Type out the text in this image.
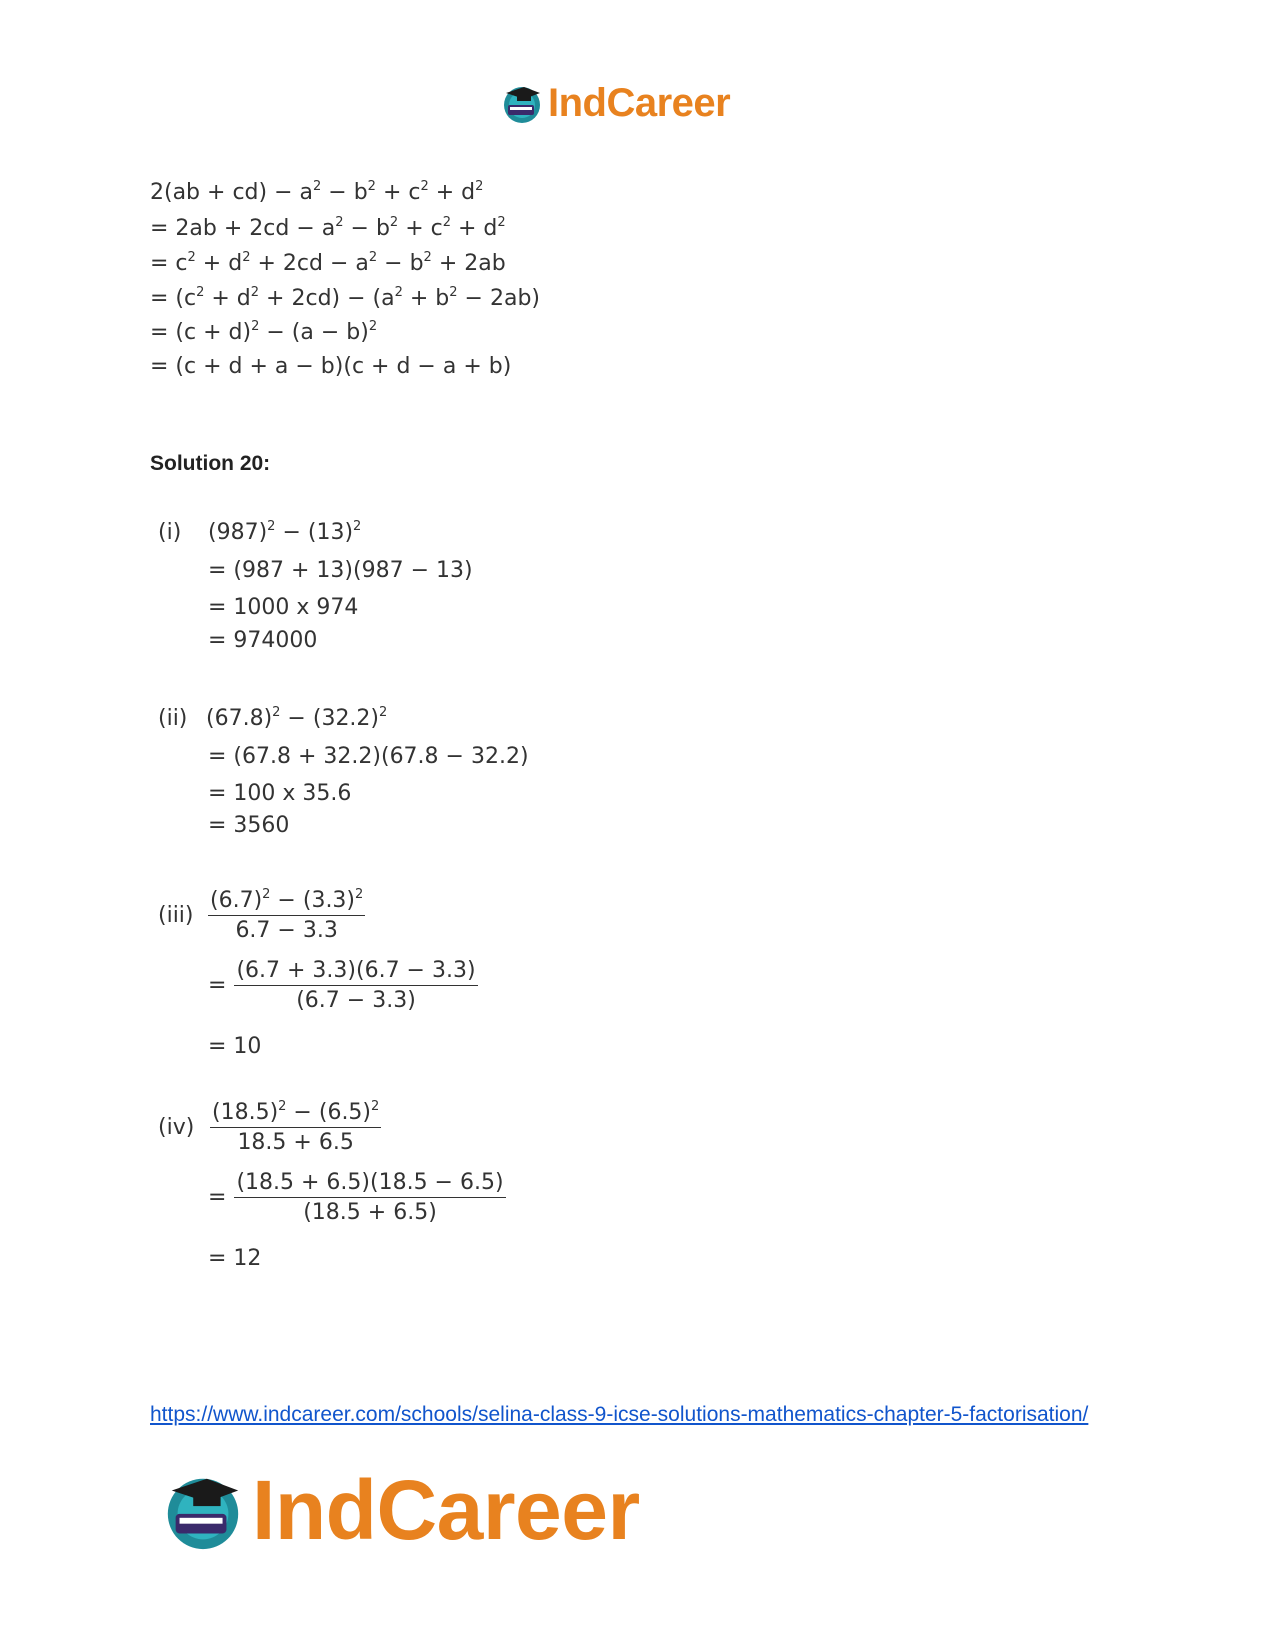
IndCareer
$2(ab + cd) - a^2 - b^2 + c^2 + d^2$
= $2ab + 2cd - a^2 - b^2 + c^2 + d^2$
= $c^2 + d^2 + 2cd - a^2 - b^2 + 2ab$
= $(c^2 + d^2 + 2cd) - (a^2 + b^2 - 2ab)$
= $(c + d)^2 - (a - b)^2$
= (c + d + a − b)(c + d − a + b)
Solution 20:
(i) $(987)^2 - (13)^2$
= (987 + 13)(987 − 13)
= 1000 x 974
= 974000
(ii) $(67.8)^2 - (32.2)^2$
= (67.8 + 32.2)(67.8 − 32.2)
= 100 x 35.6
= 3560
$(iii) \frac{(6.7)^2 - (3.3)^2}{6.7 - 3.3}$
= $\frac{(6.7 + 3.3)(6.7 - 3.3)}{(6.7 - 3.3)}$
= 10
$(iv) \frac{(18.5)^2 - (6.5)^2}{18.5 + 6.5}$
= $\frac{(18.5 + 6.5)(18.5 - 6.5)}{(18.5 + 6.5)}$
= 12
https://www.indcareer.com/schools/selina-class-9-icse-solutions-mathematics-chapter-5-factorisation/
IndCareer
